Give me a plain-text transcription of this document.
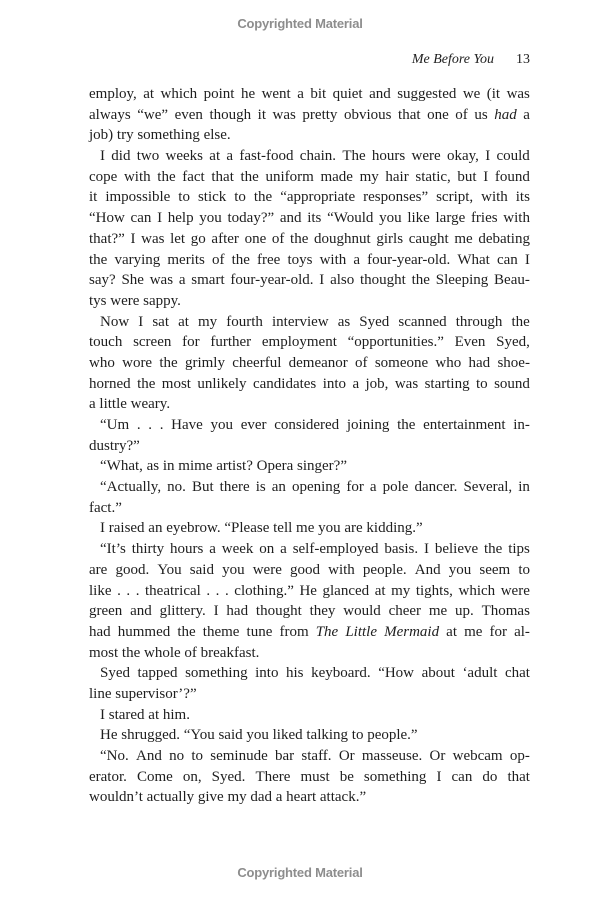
Copyrighted Material
Me Before You 13
employ, at which point he went a bit quiet and suggested we (it was
always “we” even though it was pretty obvious that one of us had a
job) try something else.
I did two weeks at a fast-food chain. The hours were okay, I could
cope with the fact that the uniform made my hair static, but I found
it impossible to stick to the “appropriate responses” script, with its
“How can I help you today?” and its “Would you like large fries with
that?” I was let go after one of the doughnut girls caught me debating
the varying merits of the free toys with a four-year-old. What can I
say? She was a smart four-year-old. I also thought the Sleeping Beau-
tys were sappy.
Now I sat at my fourth interview as Syed scanned through the
touch screen for further employment “opportunities.” Even Syed,
who wore the grimly cheerful demeanor of someone who had shoe-
horned the most unlikely candidates into a job, was starting to sound
a little weary.
“Um . . . Have you ever considered joining the entertainment in-
dustry?”
“What, as in mime artist? Opera singer?”
“Actually, no. But there is an opening for a pole dancer. Several, in
fact.”
I raised an eyebrow. “Please tell me you are kidding.”
“It’s thirty hours a week on a self-employed basis. I believe the tips
are good. You said you were good with people. And you seem to
like . . . theatrical . . . clothing.” He glanced at my tights, which were
green and glittery. I had thought they would cheer me up. Thomas
had hummed the theme tune from The Little Mermaid at me for al-
most the whole of breakfast.
Syed tapped something into his keyboard. “How about ‘adult chat
line supervisor’?”
I stared at him.
He shrugged. “You said you liked talking to people.”
“No. And no to seminude bar staff. Or masseuse. Or webcam op-
erator. Come on, Syed. There must be something I can do that
wouldn’t actually give my dad a heart attack.”
Copyrighted Material
